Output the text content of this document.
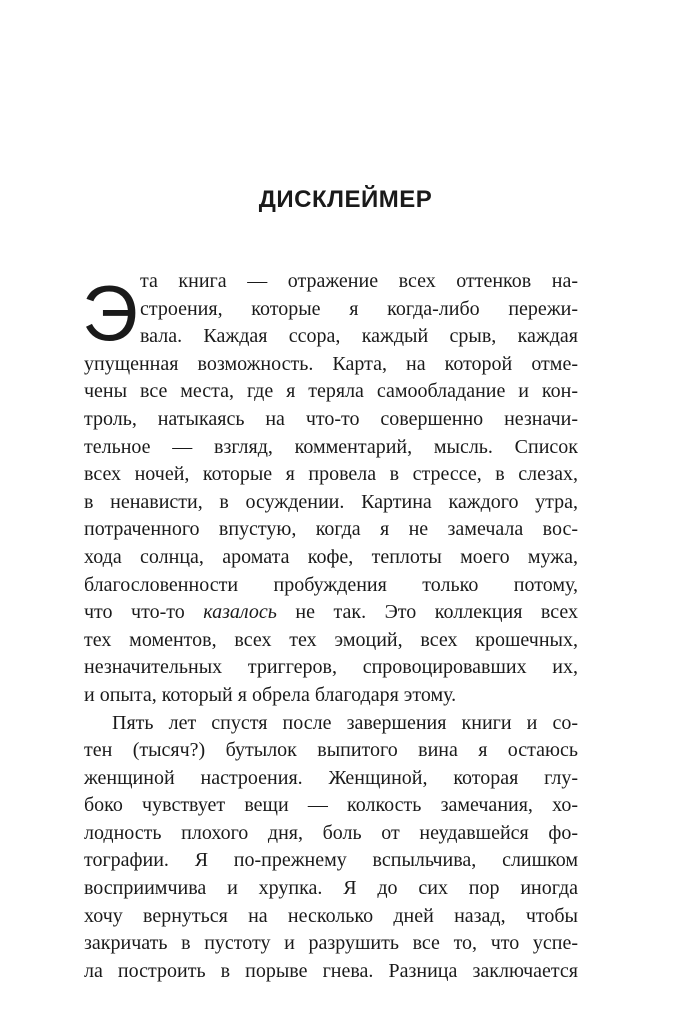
ДИСКЛЕЙМЕР
Э та книга — отражение всех оттенков на-
строения, которые я когда-либо пережи-
вала. Каждая ссора, каждый срыв, каждая
упущенная возможность. Карта, на которой отме-
чены все места, где я теряла самообладание и кон-
троль, натыкаясь на что-то совершенно незначи-
тельное — взгляд, комментарий, мысль. Список
всех ночей, которые я провела в стрессе, в слезах,
в ненависти, в осуждении. Картина каждого утра,
потраченного впустую, когда я не замечала вос-
хода солнца, аромата кофе, теплоты моего мужа,
благословенности пробуждения только потому,
что что-то казалось не так. Это коллекция всех
тех моментов, всех тех эмоций, всех крошечных,
незначительных триггеров, спровоцировавших их,
и опыта, который я обрела благодаря этому.
Пять лет спустя после завершения книги и со-
тен (тысяч?) бутылок выпитого вина я остаюсь
женщиной настроения. Женщиной, которая глу-
боко чувствует вещи — колкость замечания, хо-
лодность плохого дня, боль от неудавшейся фо-
тографии. Я по-прежнему вспыльчива, слишком
восприимчива и хрупка. Я до сих пор иногда
хочу вернуться на несколько дней назад, чтобы
закричать в пустоту и разрушить все то, что успе-
ла построить в порыве гнева. Разница заключается
